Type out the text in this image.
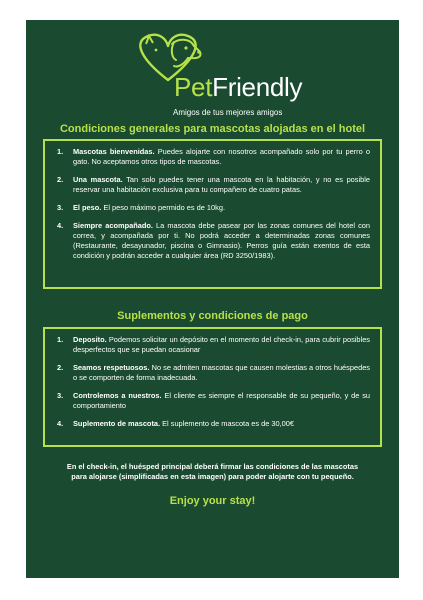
PetFriendly
Amigos de tus mejores amigos
Condiciones generales para mascotas alojadas en el hotel
1.	Mascotas bienvenidas. Puedes alojarte con nosotros acompañado solo por tu perro o gato. No aceptamos otros tipos de mascotas.
2.	Una mascota. Tan solo puedes tener una mascota en la habitación, y no es posible reservar una habitación exclusiva para tu compañero de cuatro patas.
3.	El peso. El peso máximo permido es de 10kg.
4.	Siempre acompañado. La mascota debe pasear por las zonas comunes del hotel con correa, y acompañada por ti. No podrá acceder a determinadas zonas comunes (Restaurante, desayunador, piscina o Gimnasio). Perros guía están exentos de esta condición y podrán acceder a cualquier área (RD 3250/1983).
Suplementos y condiciones de pago
1.	Deposito. Podemos solicitar un depósito en el momento del check-in, para cubrir posibles desperfectos que se puedan ocasionar
2.	Seamos respetuosos. No se admiten mascotas que causen molestias a otros huéspedes o se comporten de forma inadecuada.
3.	Controlemos a nuestros. El cliente es siempre el responsable de su pequeño, y de su comportamiento
4.	Suplemento de mascota. El suplemento de mascota es de 30,00€
En el check-in, el huésped principal deberá firmar las condiciones de las mascotas para alojarse (simplificadas en esta imagen) para poder alojarte con tu pequeño.
Enjoy your stay!
